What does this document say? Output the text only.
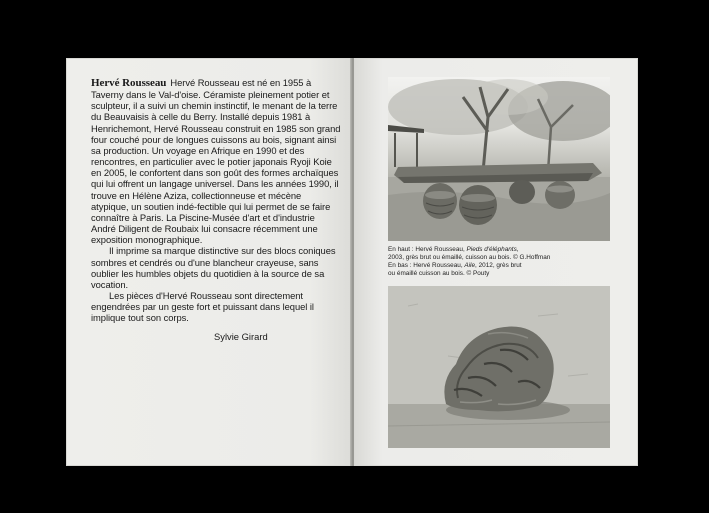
Hervé Rousseau Hervé Rousseau est né en 1955 à Taverny dans le Val-d'oise. Céramiste pleinement potier et sculpteur, il a suivi un chemin instinctif, le menant de la terre du Beauvaisis à celle du Berry. Installé depuis 1981 à Henrichemont, Hervé Rousseau construit en 1985 son grand four couché pour de longues cuissons au bois, signant ainsi sa production. Un voyage en Afrique en 1990 et des rencontres, en particulier avec le potier japonais Ryoji Koie en 2005, le confortent dans son goût des formes archaïques qui lui offrent un langage universel. Dans les années 1990, il trouve en Hélène Aziza, collectionneuse et mécène atypique, un soutien indé-fectible qui lui permet de se faire connaître à Paris. La Piscine-Musée d'art et d'industrie André Diligent de Roubaix lui consacre récemment une exposition monographique.

Il imprime sa marque distinctive sur des blocs coniques sombres et cendrés ou d'une blancheur crayeuse, sans oublier les humbles objets du quotidien à la source de sa vocation.

Les pièces d'Hervé Rousseau sont directement engendrées par un geste fort et puissant dans lequel il implique tout son corps.

Sylvie Girard
En haut : Hervé Rousseau, Pieds d'éléphants,
2003, grès brut ou émaillé, cuisson au bois. © G.Hoffman
En bas : Hervé Rousseau, Aile, 2012, grès brut
ou émaillé cuisson au bois. © Pouty
